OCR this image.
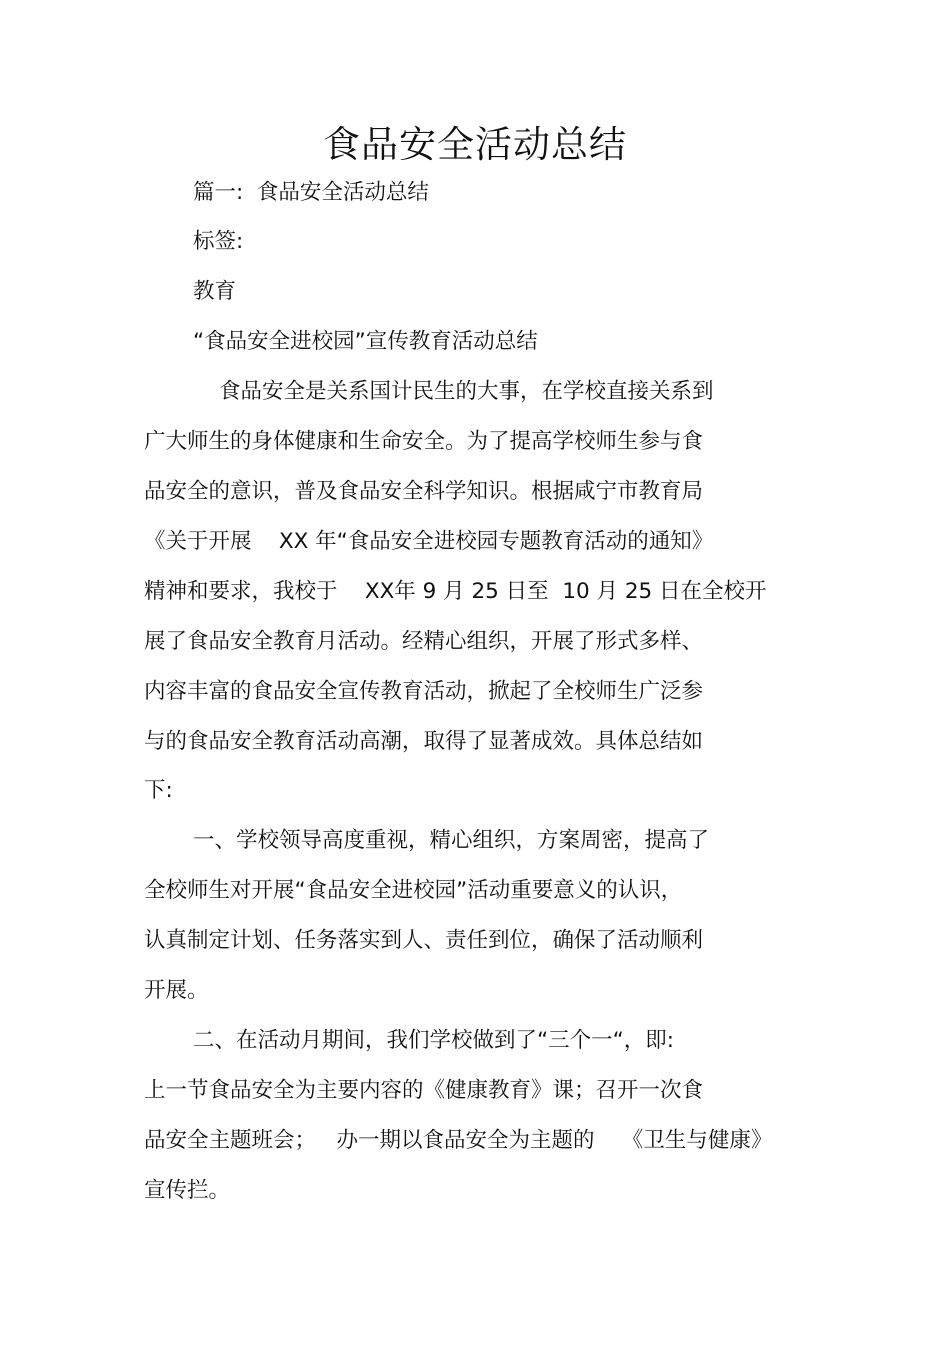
食品安全活动总结
篇一:  食品安全活动总结
标签:
教育
“食品安全进校园”宣传教育活动总结
食品安全是关系国计民生的大事，在学校直接关系到
广大师生的身体健康和生命安全。为了提高学校师生参与食
品安全的意识，普及食品安全科学知识。根据咸宁市教育局
《关于开展    XX 年“食品安全进校园专题教育活动的通知》
精神和要求，我校于    XX年 9 月 25 日至  10 月 25 日在全校开
展了食品安全教育月活动。经精心组织，开展了形式多样、
内容丰富的食品安全宣传教育活动，掀起了全校师生广泛参
与的食品安全教育活动高潮，取得了显著成效。具体总结如
下:
一、学校领导高度重视，精心组织，方案周密，提高了
全校师生对开展“食品安全进校园”活动重要意义的认识，
认真制定计划、任务落实到人、责任到位，确保了活动顺利
开展。
二、在活动月期间，我们学校做到了“三个一“，即:
上一节食品安全为主要内容的《健康教育》课；召开一次食
品安全主题班会；   办一期以食品安全为主题的    《卫生与健康》
宣传拦。
